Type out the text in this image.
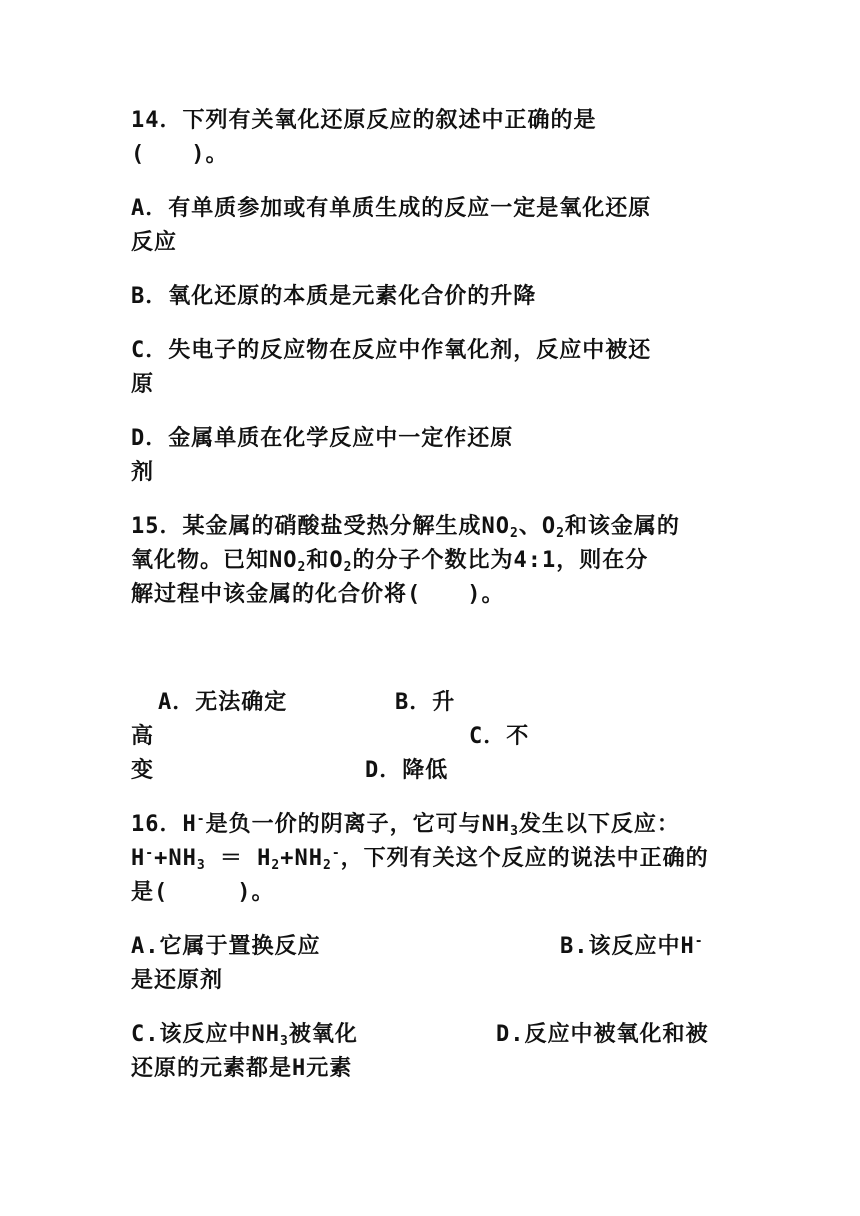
14．下列有关氧化还原反应的叙述中正确的是
(　　)。
A．有单质参加或有单质生成的反应一定是氧化还原
反应
B．氧化还原的本质是元素化合价的升降
C．失电子的反应物在反应中作氧化剂，反应中被还
原
D．金属单质在化学反应中一定作还原
剂
15．某金属的硝酸盐受热分解生成$NO_2$、$O_2$和该金属的
氧化物。已知$NO_2$和$O_2$的分子个数比为4:1，则在分
解过程中该金属的化合价将(　　)。
A．无法确定	B．升
高	C．不
变	D．降低
16．H-是负一价的阴离子，它可与$NH_3$发生以下反应：
$H^-+NH_3 = H_2+NH_2^-$，下列有关这个反应的说法中正确的
是(　　　)。
A.它属于置换反应	B.该反应中H-
是还原剂
C.该反应中$NH_3$被氧化	D.反应中被氧化和被
还原的元素都是H元素
